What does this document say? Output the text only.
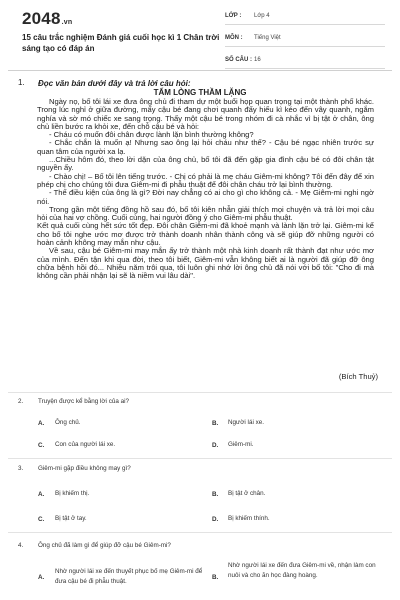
2048.vn
15 câu trắc nghiệm Đánh giá cuối học kì 1 Chân trời sáng tạo có đáp án
LỚP : Lớp 4
MÔN : Tiếng Việt
SỐ CÂU : 16
1. Đọc văn bản dưới đây và trả lời câu hỏi:
TẤM LÒNG THẦM LẶNG

Ngày nọ, bố tôi lái xe đưa ông chủ đi tham dự một buổi họp quan trọng tại một thành phố khác. Trong lúc nghỉ ở giữa đường, mấy cậu bé đang chơi quanh đấy hiếu kì kéo đến vây quanh, ngắm nghía và sờ mó chiếc xe sang trọng. Thấy một cậu bé trong nhóm đi cà nhắc vì bị tật ở chân, ông chủ liền bước ra khỏi xe, đến chỗ cậu bé và hỏi:

- Cháu có muốn đôi chân được lành lặn bình thường không?

- Chắc chắn là muốn ạ! Nhưng sao ông lại hỏi cháu như thế? - Cậu bé ngạc nhiên trước sự quan tâm của người xa lạ.

...Chiều hôm đó, theo lời dặn của ông chủ, bố tôi đã đến gặp gia đình cậu bé có đôi chân tật nguyền ấy.

- Chào chị! – Bố tôi lên tiếng trước. - Chị có phải là mẹ cháu Giêm-mi không? Tôi đến đây để xin phép chị cho chúng tôi đưa Giêm-mi đi phẫu thuật để đôi chân cháu trở lại bình thường.

- Thế điều kiện của ông là gì? Đời nay chẳng có ai cho gì cho không cả. - Mẹ Giêm-mi nghi ngờ nói.

Trong gần một tiếng đồng hồ sau đó, bố tôi kiên nhẫn giải thích mọi chuyện và trả lời mọi câu hỏi của hai vợ chồng. Cuối cùng, hai người đồng ý cho Giêm-mi phẫu thuật.

Kết quả cuối cùng hết sức tốt đẹp. Đôi chân Giêm-mi đã khoẻ mạnh và lành lặn trở lại. Giêm-mi kể cho bố tôi nghe ước mơ được trở thành doanh nhân thành công và sẽ giúp đỡ những người có hoàn cảnh không may mắn như cậu.

Về sau, cậu bé Giêm-mi may mắn ấy trở thành một nhà kinh doanh rất thành đạt như ước mơ của mình. Đến tận khi qua đời, theo tôi biết, Giêm-mi vẫn không biết ai là người đã giúp đỡ ông chữa bệnh hồi đó... Nhiều năm trôi qua, tôi luôn ghi nhớ lời ông chủ đã nói với bố tôi: "Cho đi mà không cần phải nhận lại sẽ là niềm vui lâu dài".

(Bích Thuỷ)
2. Truyện được kể bằng lời của ai?
A. Ông chủ.	B. Người lái xe.
C. Con của người lái xe.	D. Giêm-mi.
3. Giêm-mi gặp điều không may gì?
A. Bị khiếm thị.	B. Bị tật ở chân.
C. Bị tật ở tay.	D. Bị khiếm thính.
4. Ông chủ đã làm gì để giúp đỡ cậu bé Giêm-mi?
A.
Nhờ người lái xe đến thuyết phục bố mẹ Giêm-mi để đưa cậu bé đi phẫu thuật.
B.
Nhờ người lái xe đến đưa Giêm-mi về, nhận làm con nuôi và cho ăn học đàng hoàng.
